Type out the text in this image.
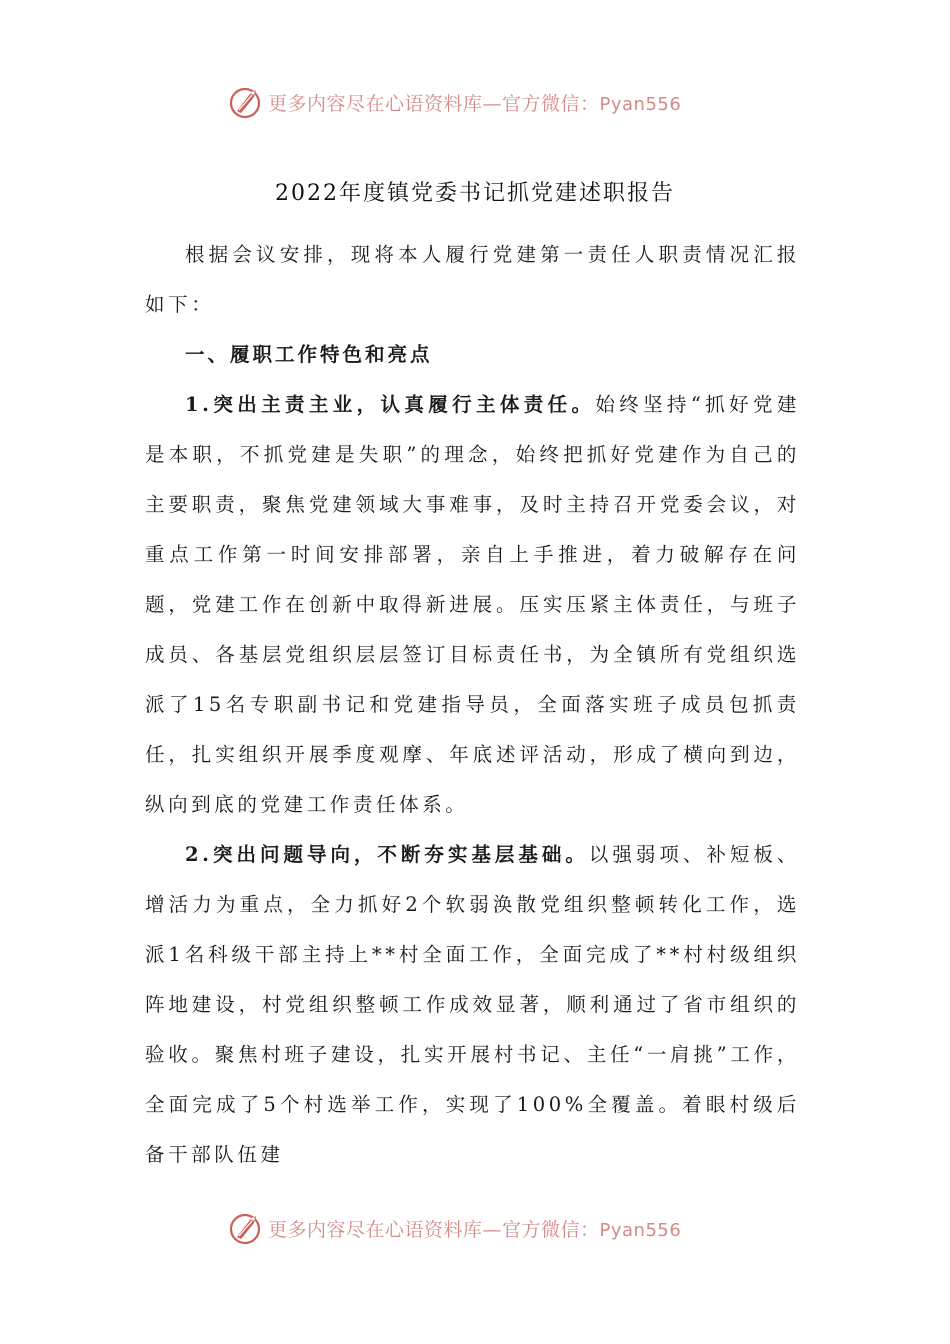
更多内容尽在心语资料库—官方微信：Pyan556
2022年度镇党委书记抓党建述职报告

根据会议安排，现将本人履行党建第一责任人职责情况汇报如下：

一、履职工作特色和亮点

1.突出主责主业，认真履行主体责任。始终坚持“抓好党建是本职，不抓党建是失职”的理念，始终把抓好党建作为自己的主要职责，聚焦党建领域大事难事，及时主持召开党委会议，对重点工作第一时间安排部署，亲自上手推进，着力破解存在问题，党建工作在创新中取得新进展。压实压紧主体责任，与班子成员、各基层党组织层层签订目标责任书，为全镇所有党组织选派了15名专职副书记和党建指导员，全面落实班子成员包抓责任，扎实组织开展季度观摩、年底述评活动，形成了横向到边，纵向到底的党建工作责任体系。

2.突出问题导向，不断夯实基层基础。以强弱项、补短板、增活力为重点，全力抓好2个软弱涣散党组织整顿转化工作，选派1名科级干部主持上**村全面工作，全面完成了**村村级组织阵地建设，村党组织整顿工作成效显著，顺利通过了省市组织的验收。聚焦村班子建设，扎实开展村书记、主任“一肩挑”工作，全面完成了5个村选举工作，实现了100%全覆盖。着眼村级后备干部队伍建

更多内容尽在心语资料库—官方微信：Pyan556
